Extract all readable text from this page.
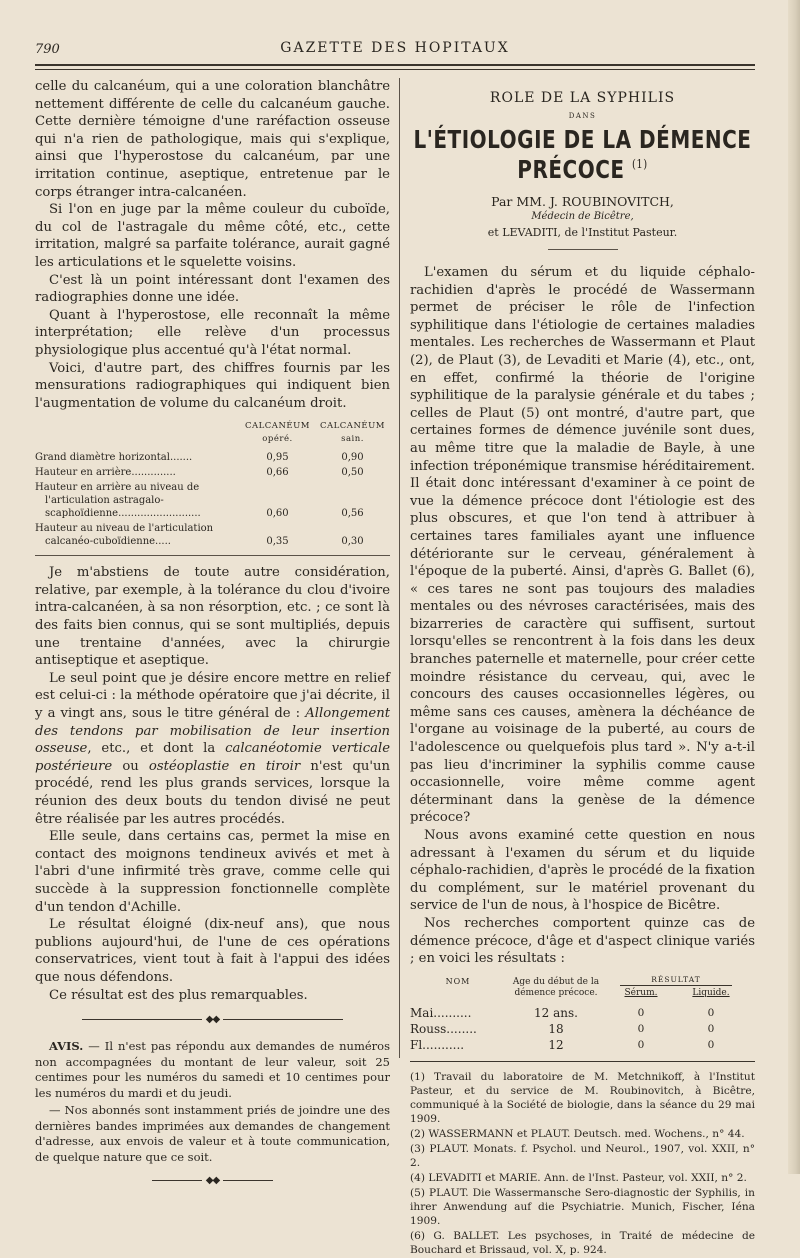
790	GAZETTE DES HOPITAUX

celle du calcanéum, qui a une coloration blanchâtre nettement différente de celle du calcanéum gauche. Cette dernière témoigne d'une raréfaction osseuse qui n'a rien de pathologique, mais qui s'explique, ainsi que l'hyperostose du calcanéum, par une irritation continue, aseptique, entretenue par le corps étranger intra-calcanéen.

Si l'on en juge par la même couleur du cuboïde, du col de l'astragale du même côté, etc., cette irritation, malgré sa parfaite tolérance, aurait gagné les articulations et le squelette voisins.

C'est là un point intéressant dont l'examen des radiographies donne une idée.

Quant à l'hyperostose, elle reconnaît la même interprétation; elle relève d'un processus physiologique plus accentué qu'à l'état normal.

Voici, d'autre part, des chiffres fournis par les mensurations radiographiques qui indiquent bien l'augmentation de volume du calcanéum droit.

CALCANÉUM opéré.
CALCANÉUM sain.
Grand diamètre horizontal.......	0,95	0,90
Hauteur en arrière..............	0,66	0,50
Hauteur en arrière au niveau de l'articulation astragalo-scaphoïdienne..........................	0,60	0,56
Hauteur au niveau de l'articulation calcanéo-cuboïdienne.....	0,35	0,30

Je m'abstiens de toute autre considération, relative, par exemple, à la tolérance du clou d'ivoire intra-calcanéen, à sa non résorption, etc. ; ce sont là des faits bien connus, qui se sont multipliés, depuis une trentaine d'années, avec la chirurgie antiseptique et aseptique.

Le seul point que je désire encore mettre en relief est celui-ci : la méthode opératoire que j'ai décrite, il y a vingt ans, sous le titre général de : Allongement des tendons par mobilisation de leur insertion osseuse, etc., et dont la calcanéotomie verticale postérieure ou ostéoplastie en tiroir n'est qu'un procédé, rend les plus grands services, lorsque la réunion des deux bouts du tendon divisé ne peut être réalisée par les autres procédés.

Elle seule, dans certains cas, permet la mise en contact des moignons tendineux avivés et met à l'abri d'une infirmité très grave, comme celle qui succède à la suppression fonctionnelle complète d'un tendon d'Achille.

Le résultat éloigné (dix-neuf ans), que nous publions aujourd'hui, de l'une de ces opérations conservatrices, vient tout à fait à l'appui des idées que nous défendons.

Ce résultat est des plus remarquables.

◆◆

AVIS. — Il n'est pas répondu aux demandes de numéros non accompagnées du montant de leur valeur, soit 25 centimes pour les numéros du samedi et 10 centimes pour les numéros du mardi et du jeudi.

— Nos abonnés sont instamment priés de joindre une des dernières bandes imprimées aux demandes de changement d'adresse, aux envois de valeur et à toute communication, de quelque nature que ce soit.

◆◆
ROLE DE LA SYPHILIS
DANS
L'ÉTIOLOGIE DE LA DÉMENCE PRÉCOCE $^{(1)}$
Par MM. J. ROUBINOVITCH,
Médecin de Bicêtre,
et LEVADITI, de l'Institut Pasteur.

L'examen du sérum et du liquide céphalo-rachidien d'après le procédé de Wassermann permet de préciser le rôle de l'infection syphilitique dans l'étiologie de certaines maladies mentales. Les recherches de Wassermann et Plaut (2), de Plaut (3), de Levaditi et Marie (4), etc., ont, en effet, confirmé la théorie de l'origine syphilitique de la paralysie générale et du tabes ; celles de Plaut (5) ont montré, d'autre part, que certaines formes de démence juvénile sont dues, au même titre que la maladie de Bayle, à une infection tréponémique transmise héréditairement. Il était donc intéressant d'examiner à ce point de vue la démence précoce dont l'étiologie est des plus obscures, et que l'on tend à attribuer à certaines tares familiales ayant une influence détériorante sur le cerveau, généralement à l'époque de la puberté. Ainsi, d'après G. Ballet (6), « ces tares ne sont pas toujours des maladies mentales ou des névroses caractérisées, mais des bizarreries de caractère qui suffisent, surtout lorsqu'elles se rencontrent à la fois dans les deux branches paternelle et maternelle, pour créer cette moindre résistance du cerveau, qui, avec le concours des causes occasionnelles légères, ou même sans ces causes, amènera la déchéance de l'organe au voisinage de la puberté, au cours de l'adolescence ou quelquefois plus tard ». N'y a-t-il pas lieu d'incriminer la syphilis comme cause occasionnelle, voire même comme agent déterminant dans la genèse de la démence précoce?

Nous avons examiné cette question en nous adressant à l'examen du sérum et du liquide céphalo-rachidien, d'après le procédé de la fixation du complément, sur le matériel provenant du service de l'un de nous, à l'hospice de Bicêtre.

Nos recherches comportent quinze cas de démence précoce, d'âge et d'aspect clinique variés ; en voici les résultats :

NOM	Age du début de la démence précoce.
RÉSULTAT
Sérum.	Liquide.
Mai..........	12 ans.	0	0
Rouss........	18	0	0
Fl...........	12	0	0

(1) Travail du laboratoire de M. Metchnikoff, à l'Institut Pasteur, et du service de M. Roubinovitch, à Bicêtre, communiqué à la Société de biologie, dans la séance du 29 mai 1909.

(2) WASSERMANN et PLAUT. Deutsch. med. Wochens., n° 44.

(3) PLAUT. Monats. f. Psychol. und Neurol., 1907, vol. XXII, n° 2.

(4) LEVADITI et MARIE. Ann. de l'Inst. Pasteur, vol. XXII, n° 2.

(5) PLAUT. Die Wassermansche Sero-diagnostic der Syphilis, in ihrer Anwendung auf die Psychiatrie. Munich, Fischer, Iéna 1909.

(6) G. BALLET. Les psychoses, in Traité de médecine de Bouchard et Brissaud, vol. X, p. 924.
